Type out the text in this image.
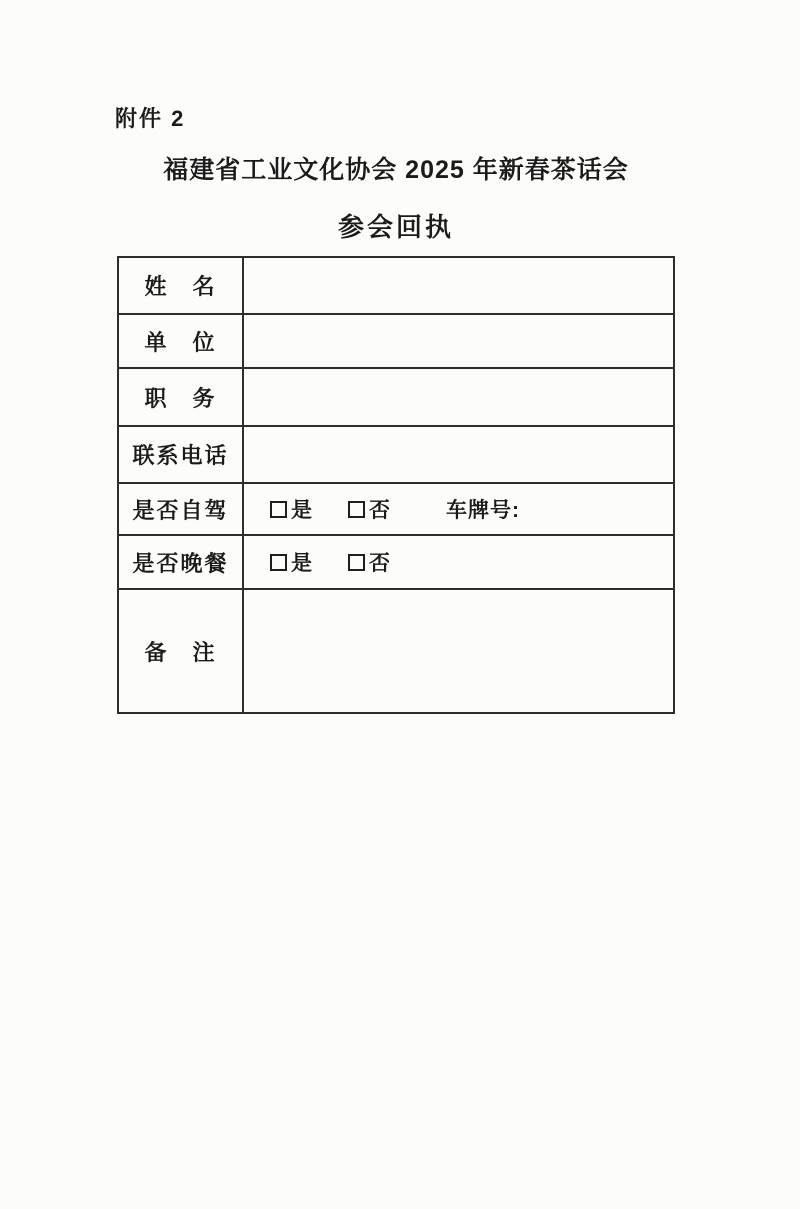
附件 2
福建省工业文化协会 2025 年新春茶话会
参会回执
姓　名
单　位
职　务
联系电话
是否自驾	是	否	车牌号:
是否晚餐	是	否
备　注
